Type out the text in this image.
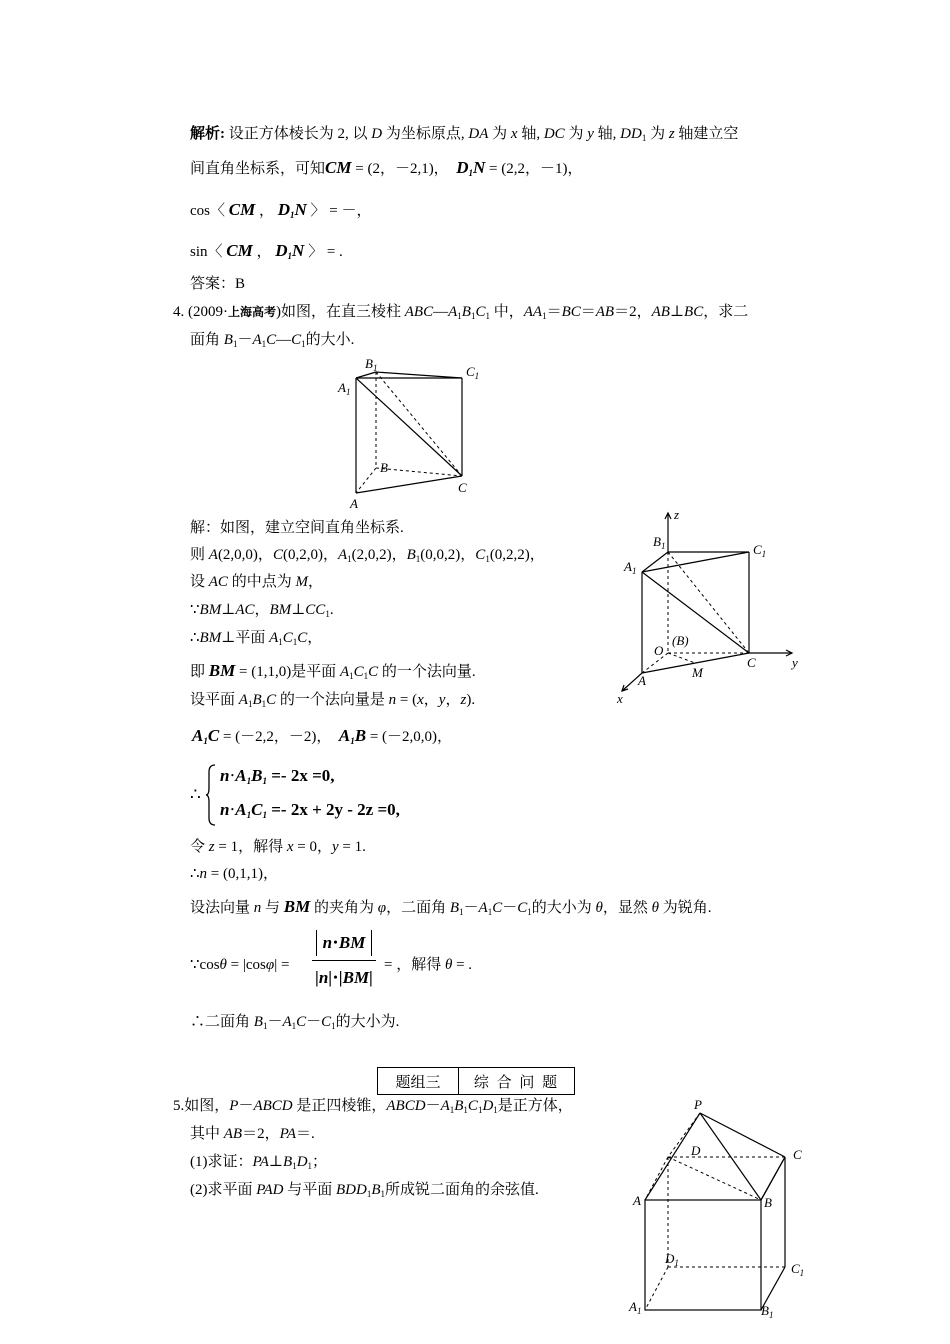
解析: 设正方体棱长为 2, 以 D 为坐标原点, DA 为 x 轴, DC 为 y 轴, $DD_1$ 为 z 轴建立空
间直角坐标系，可知CM = (2，－2,1)， $D_1N = (2,2$，－1)，
cos〈 CM ， $D_1N$ 〉 = －，
sin〈 CM ， $D_1N$ 〉 = .
答案：B
4. (2009·上海高考)如图，在直三棱柱 $ABC—A_1B_1C_1$ 中，$AA_1=BC=AB=2$，AB⊥BC，求二
面角 $B_1-A_1C—C_1$的大小.
$B_1$	$C_1$
$A_1$
B
C
A
解：如图，建立空间直角坐标系.
则 A(2,0,0)，C(0,2,0)，$A_1(2,0,2)$，$B_1(0,0,2)$，$C_1(0,2,2)$，
设 AC 的中点为 M，
∵BM⊥AC，$BM\perp CC_1$.
∴BM⊥平面 $A_1C_1C$，
即 BM = (1,1,0)是平面 $A_1C_1C$ 的一个法向量.
设平面 $A_1B_1C$ 的一个法向量是 n = (x，y，z).
$A_1C = (-2,2$，－2)， $A_1B = (-2,0,0)$，
∴
$n\cdot A_1B_1 =- 2x =0$,
$n\cdot A_1C_1 =- 2x + 2y - 2z =0$,
令 z = 1，解得 x = 0，y = 1.
∴n = (0,1,1)，
设法向量 n 与 BM 的夹角为 φ，二面角 $B_1-A_1C-C_1$的大小为 θ，显然 θ 为锐角.
∵cosθ = |cosφ| =
n⋅BM
|n|⋅|BM|
= ，解得 θ = .
∴二面角 $B_1-A_1C-C_1$的大小为.
z
y
x
$B_1$	$C_1$
$A_1$
O
(B)
A
M
C
题组三	综 合 问 题
5.如图，P－ABCD 是正四棱锥，$ABCD-A_1B_1C_1D_1$是正方体，
其中 AB＝2，PA＝.
(1)求证：$PA\perp B_1D_1$；
(2)求平面 PAD 与平面 $BDD_1B_1$所成锐二面角的余弦值.
P
D	C
A	B
$D_1$	$C_1$
$A_1$	$B_1$
